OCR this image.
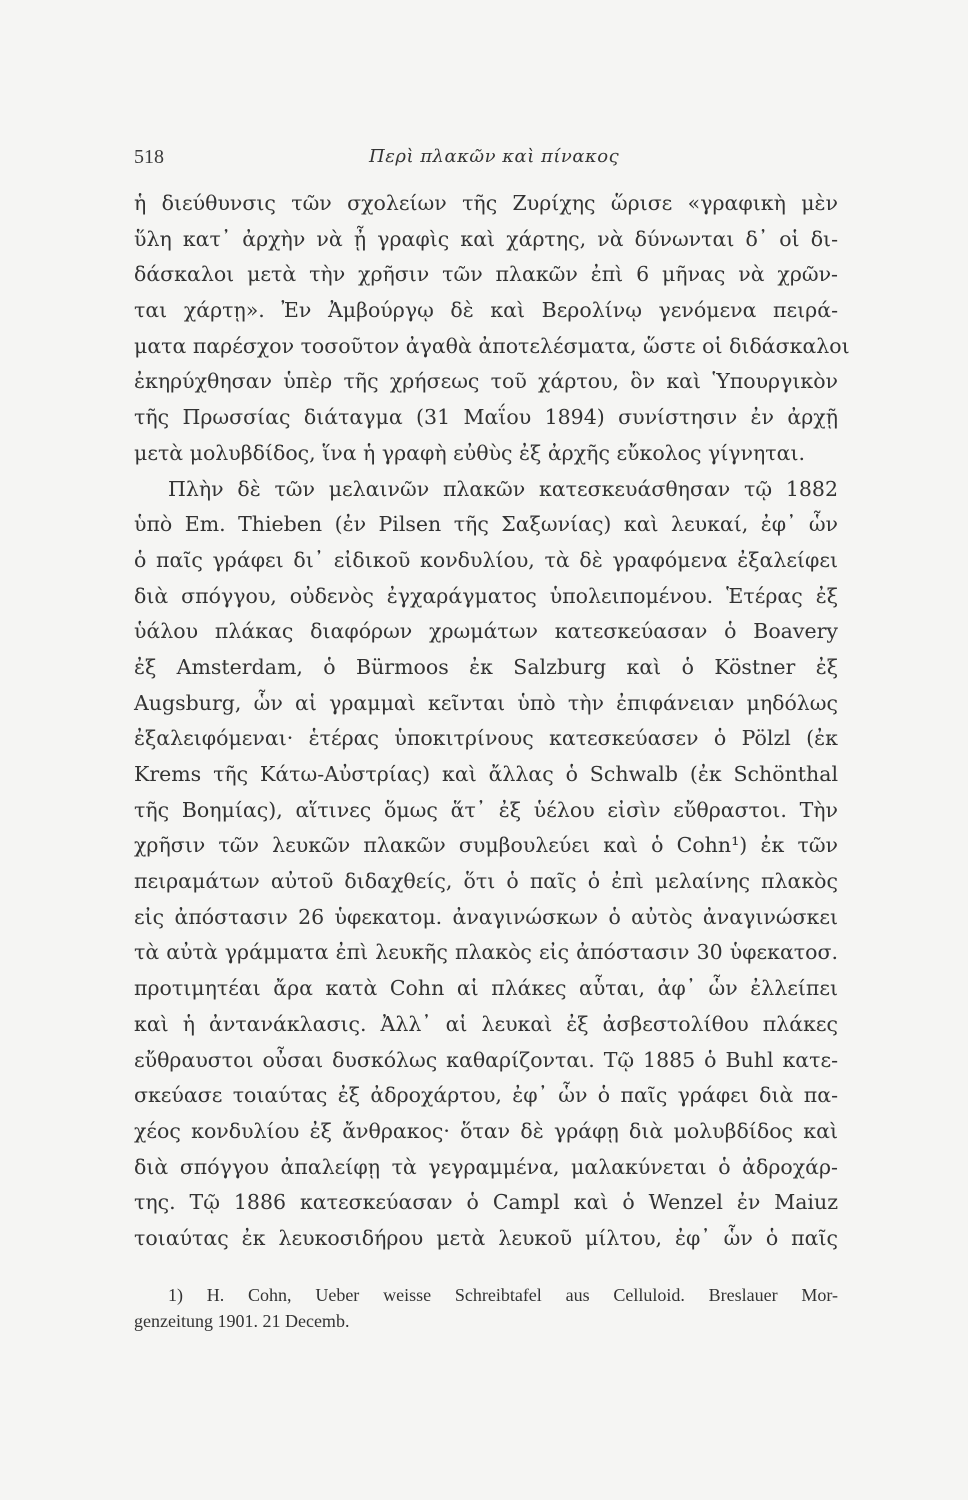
518	Περὶ πλακῶν καὶ πίνακος
ἡ διεύθυνσις τῶν σχολείων τῆς Ζυρίχης ὥρισε «γραφικὴ μὲν
ὕλη κατ᾽ ἀρχὴν νὰ ᾖ γραφὶς καὶ χάρτης, νὰ δύνωνται δ᾽ οἱ δι-
δάσκαλοι μετὰ τὴν χρῆσιν τῶν πλακῶν ἐπὶ 6 μῆνας νὰ χρῶν-
ται χάρτῃ». Ἐν Ἀμβούργῳ δὲ καὶ Βερολίνῳ γενόμενα πειρά-
ματα παρέσχον τοσοῦτον ἀγαθὰ ἀποτελέσματα, ὥστε οἱ διδάσκαλοι
ἐκηρύχθησαν ὑπὲρ τῆς χρήσεως τοῦ χάρτου, ὃν καὶ Ὑπουργικὸν
τῆς Πρωσσίας διάταγμα (31 Μαΐου 1894) συνίστησιν ἐν ἀρχῇ
μετὰ μολυβδίδος, ἵνα ἡ γραφὴ εὐθὺς ἐξ ἀρχῆς εὔκολος γίγνηται.
Πλὴν δὲ τῶν μελαινῶν πλακῶν κατεσκευάσθησαν τῷ 1882
ὑπὸ Em. Thieben (ἐν Pilsen τῆς Σαξωνίας) καὶ λευκαί, ἐφ᾽ ὧν
ὁ παῖς γράφει δι᾽ εἰδικοῦ κονδυλίου, τὰ δὲ γραφόμενα ἐξαλείφει
διὰ σπόγγου, οὐδενὸς ἐγχαράγματος ὑπολειπομένου. Ἑτέρας ἐξ
ὑάλου πλάκας διαφόρων χρωμάτων κατεσκεύασαν ὁ Boavery
ἐξ Amsterdam, ὁ Bürmoos ἐκ Salzburg καὶ ὁ Köstner ἐξ
Augsburg, ὧν αἱ γραμμαὶ κεῖνται ὑπὸ τὴν ἐπιφάνειαν μηδόλως
ἐξαλειφόμεναι· ἑτέρας ὑποκιτρίνους κατεσκεύασεν ὁ Pölzl (ἐκ
Krems τῆς Κάτω-Αὐστρίας) καὶ ἄλλας ὁ Schwalb (ἐκ Schönthal
τῆς Βοημίας), αἵτινες ὅμως ἅτ᾽ ἐξ ὑέλου εἰσὶν εὔθραστοι. Τὴν
χρῆσιν τῶν λευκῶν πλακῶν συμβουλεύει καὶ ὁ Cohn¹) ἐκ τῶν
πειραμάτων αὐτοῦ διδαχθείς, ὅτι ὁ παῖς ὁ ἐπὶ μελαίνης πλακὸς
εἰς ἀπόστασιν 26 ὑφεκατομ. ἀναγινώσκων ὁ αὐτὸς ἀναγινώσκει
τὰ αὐτὰ γράμματα ἐπὶ λευκῆς πλακὸς εἰς ἀπόστασιν 30 ὑφεκατοσ.
προτιμητέαι ἄρα κατὰ Cohn αἱ πλάκες αὗται, ἀφ᾽ ὧν ἐλλείπει
καὶ ἡ ἀντανάκλασις. Ἀλλ᾽ αἱ λευκαὶ ἐξ ἀσβεστολίθου πλάκες
εὔθραυστοι οὖσαι δυσκόλως καθαρίζονται. Τῷ 1885 ὁ Buhl κατε-
σκεύασε τοιαύτας ἐξ ἀδροχάρτου, ἐφ᾽ ὧν ὁ παῖς γράφει διὰ πα-
χέος κονδυλίου ἐξ ἄνθρακος· ὅταν δὲ γράφῃ διὰ μολυβδίδος καὶ
διὰ σπόγγου ἀπαλείφῃ τὰ γεγραμμένα, μαλακύνεται ὁ ἀδροχάρ-
της. Τῷ 1886 κατεσκεύασαν ὁ Campl καὶ ὁ Wenzel ἐν Maiuz
τοιαύτας ἐκ λευκοσιδήρου μετὰ λευκοῦ μίλτου, ἐφ᾽ ὧν ὁ παῖς
1) H. Cohn, Ueber weisse Schreibtafel aus Celluloid. Breslauer Mor-
genzeitung 1901. 21 Decemb.
